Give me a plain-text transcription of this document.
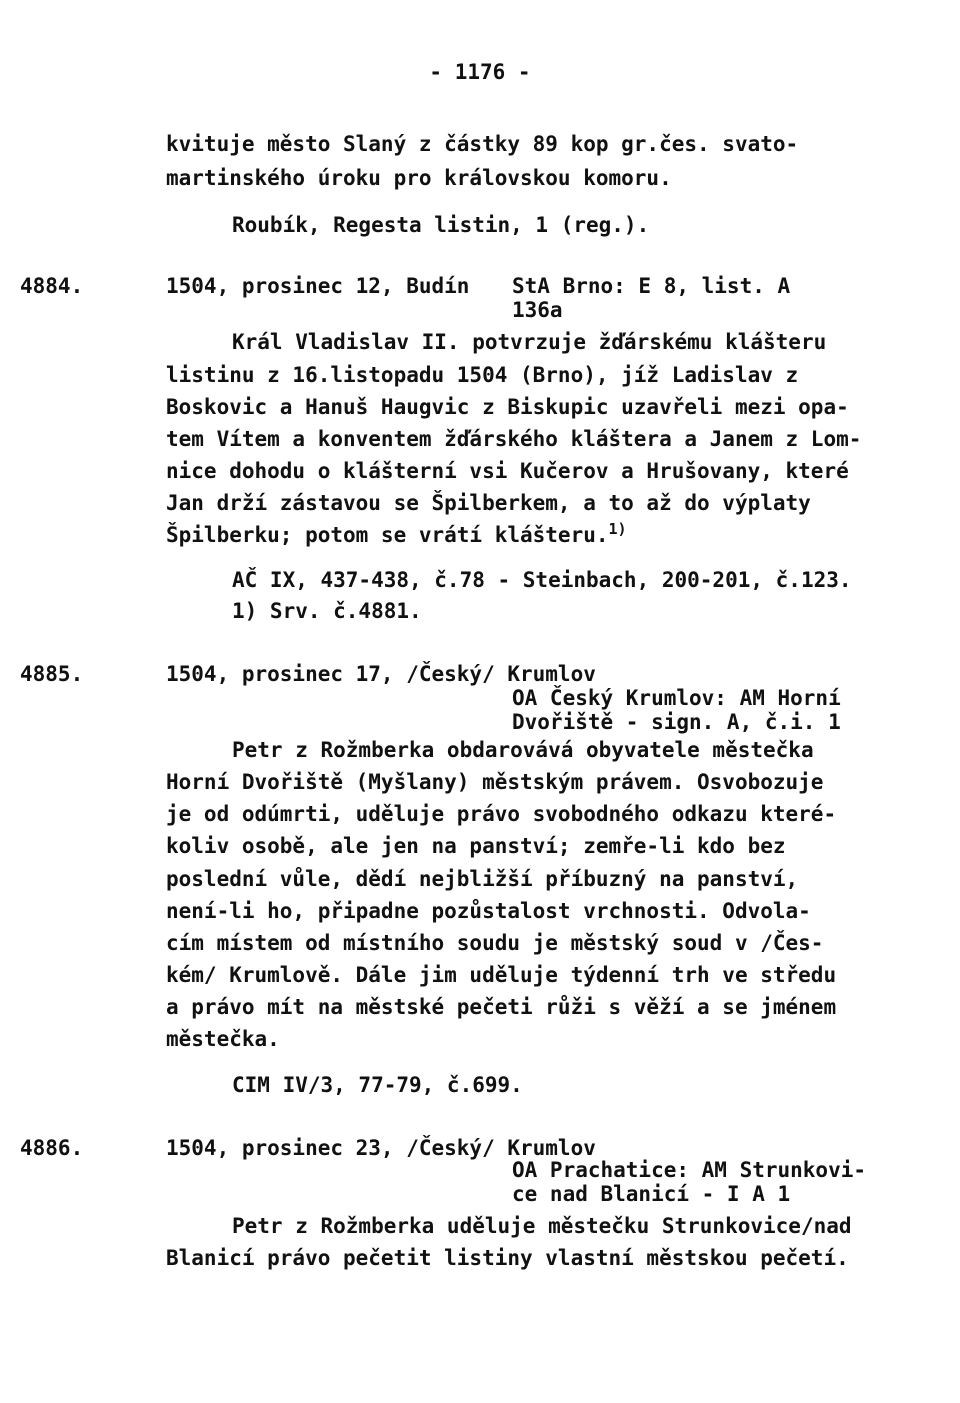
- 1176 -
kvituje město Slaný z částky 89 kop gr.čes. svato-
martinského úroku pro královskou komoru.
Roubík, Regesta listin, 1 (reg.).
4884.	1504, prosinec 12, Budín StA Brno: E 8, list. A
136a
Král Vladislav II. potvrzuje žďárskému klášteru
listinu z 16.listopadu 1504 (Brno), jíž Ladislav z
Boskovic a Hanuš Haugvic z Biskupic uzavřeli mezi opa-
tem Vítem a konventem žďárského kláštera a Janem z Lom-
nice dohodu o klášterní vsi Kučerov a Hrušovany, které
Jan drží zástavou se Špilberkem, a to až do výplaty
Špilberku; potom se vrátí klášteru.$^{1)}$
AČ IX, 437-438, č.78 - Steinbach, 200-201, č.123.
1) Srv. č.4881.
4885.	1504, prosinec 17, /Český/ Krumlov
OA Český Krumlov: AM Horní
Dvořiště - sign. A, č.i. 1
Petr z Rožmberka obdarovává obyvatele městečka
Horní Dvořiště (Myšlany) městským právem. Osvobozuje
je od odúmrti, uděluje právo svobodného odkazu které-
koliv osobě, ale jen na panství; zemře-li kdo bez
poslední vůle, dědí nejbližší příbuzný na panství,
není-li ho, připadne pozůstalost vrchnosti. Odvola-
cím místem od místního soudu je městský soud v /Čes-
kém/ Krumlově. Dále jim uděluje týdenní trh ve středu
a právo mít na městské pečeti růži s věží a se jménem
městečka.
CIM IV/3, 77-79, č.699.
4886.	1504, prosinec 23, /Český/ Krumlov
OA Prachatice: AM Strunkovi-
ce nad Blanicí - I A 1
Petr z Rožmberka uděluje městečku Strunkovice/nad
Blanicí právo pečetit listiny vlastní městskou pečetí.
